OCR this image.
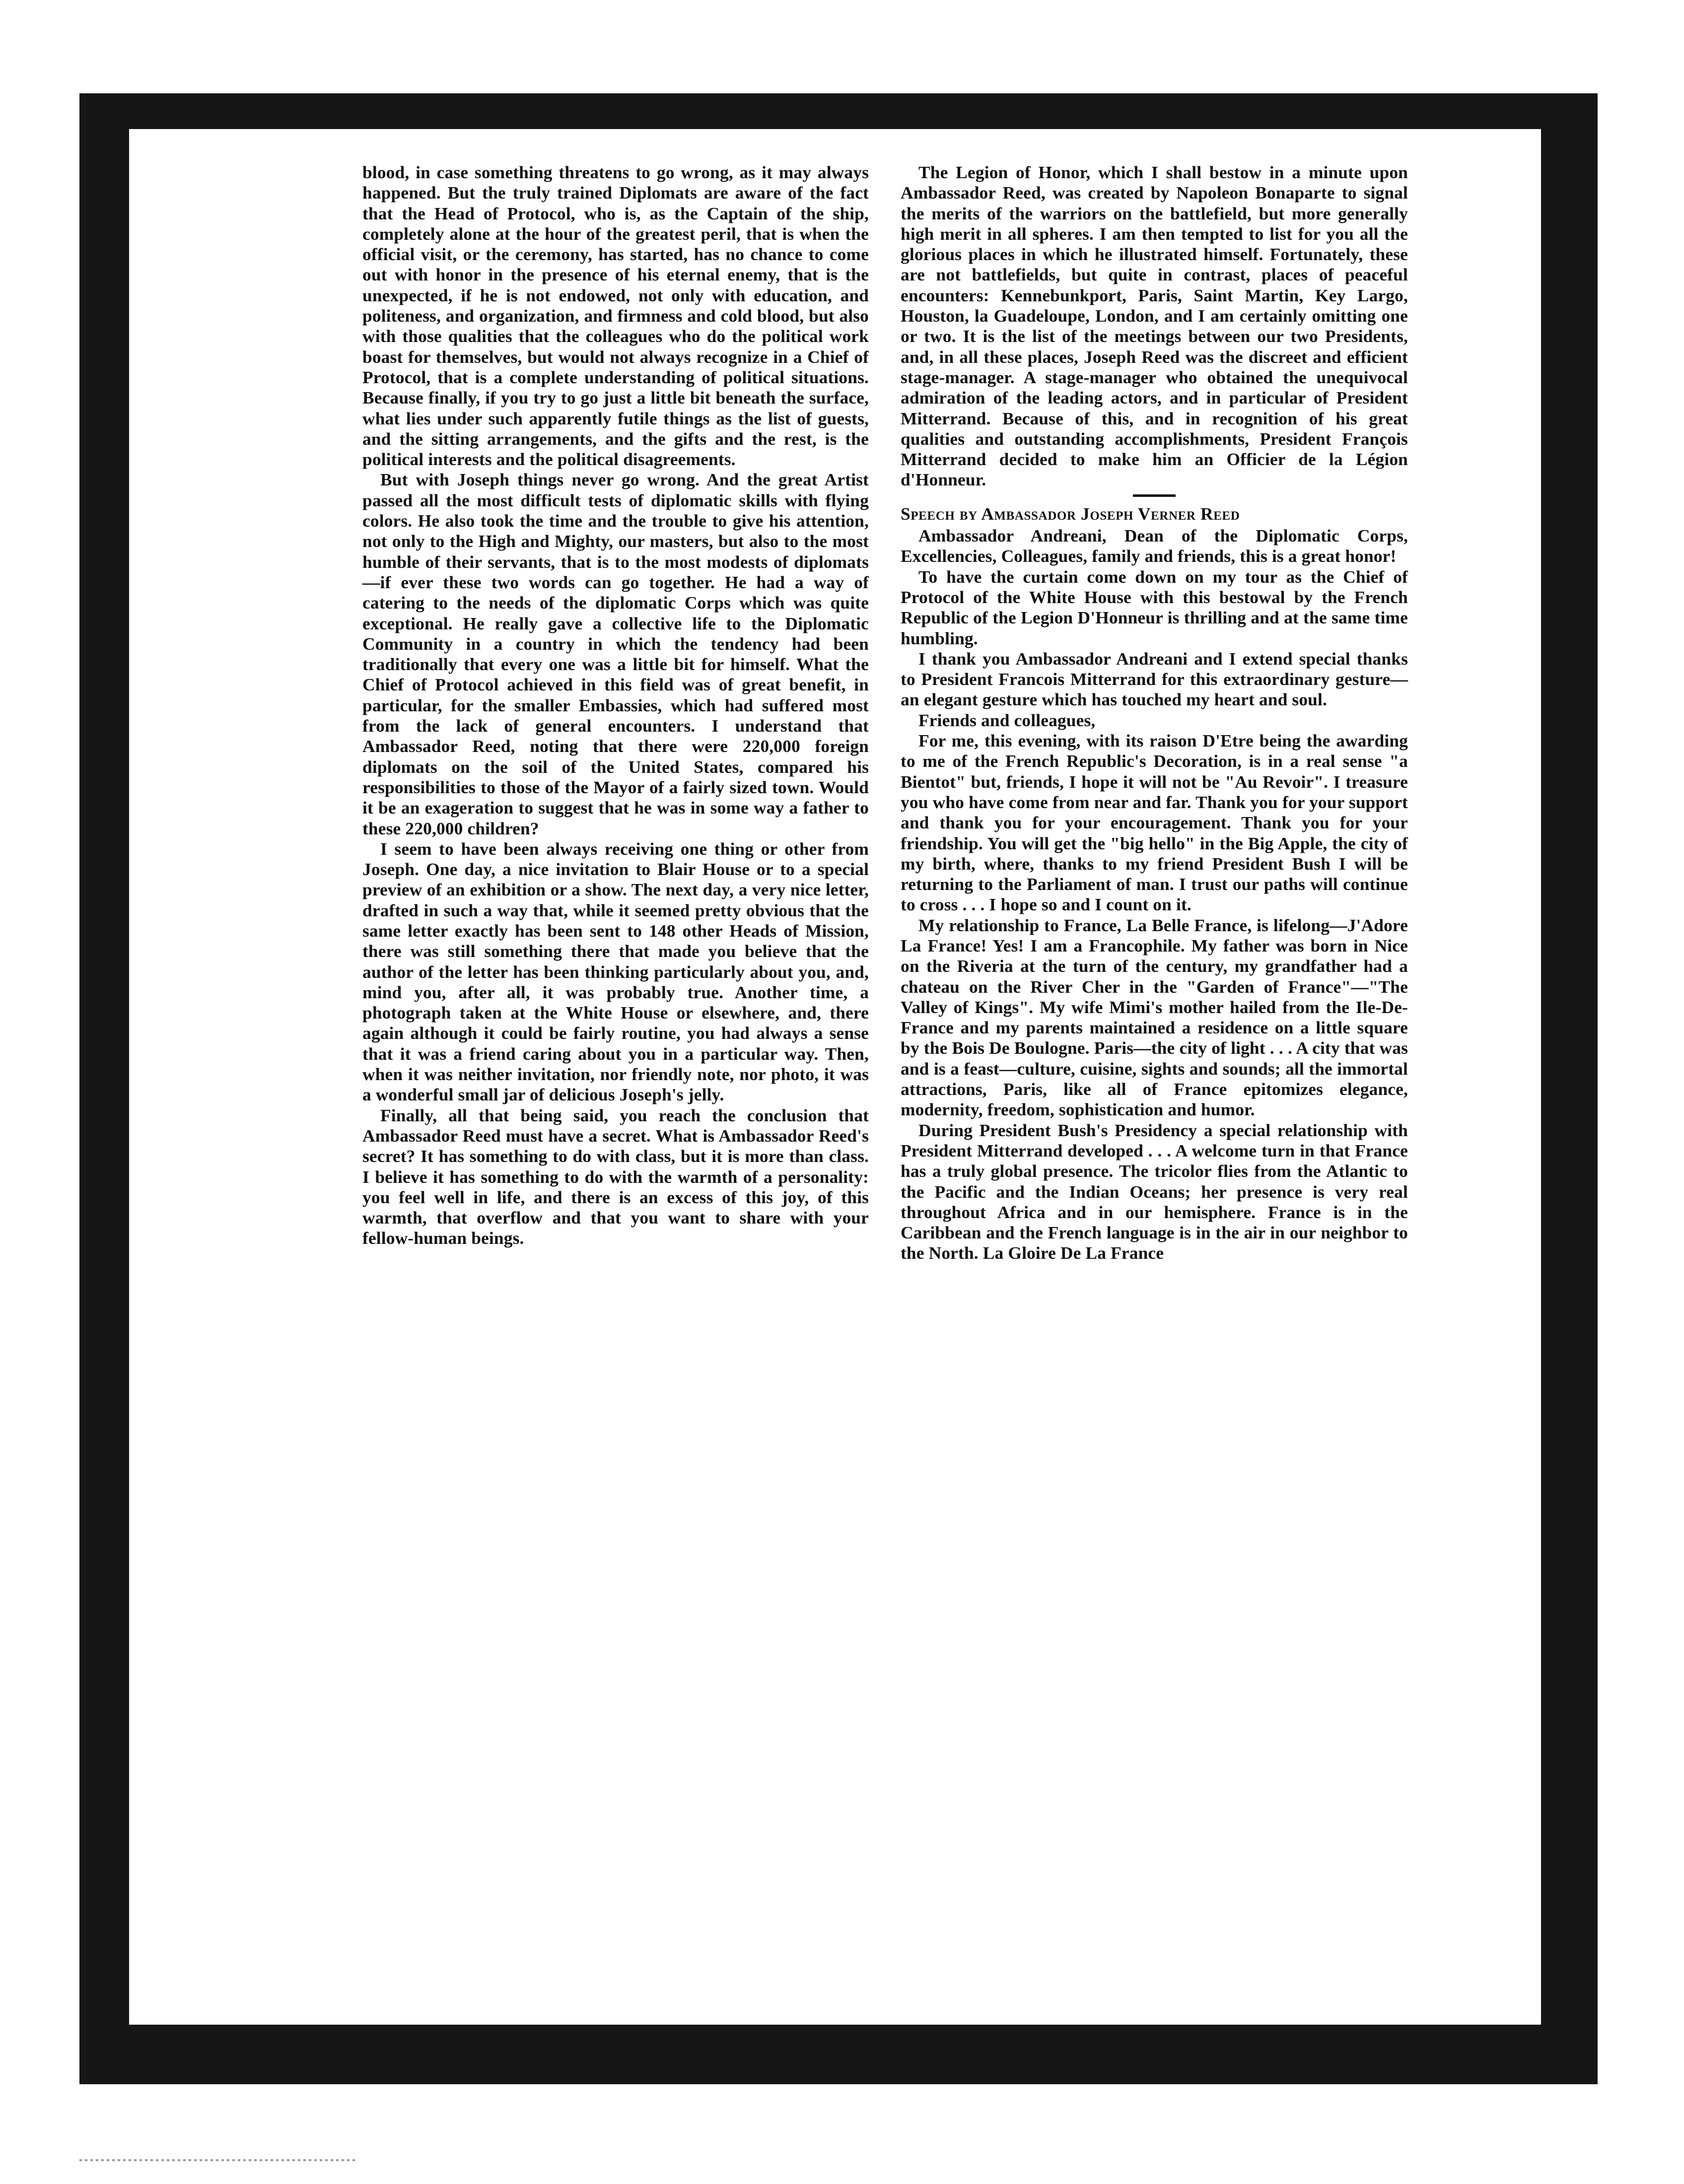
blood, in case something threatens to go wrong, as it may always happened. But the truly trained Diplomats are aware of the fact that the Head of Protocol, who is, as the Captain of the ship, completely alone at the hour of the greatest peril, that is when the official visit, or the ceremony, has started, has no chance to come out with honor in the presence of his eternal enemy, that is the unexpected, if he is not endowed, not only with education, and politeness, and organization, and firmness and cold blood, but also with those qualities that the colleagues who do the political work boast for themselves, but would not always recognize in a Chief of Protocol, that is a complete understanding of political situations. Because finally, if you try to go just a little bit beneath the surface, what lies under such apparently futile things as the list of guests, and the sitting arrangements, and the gifts and the rest, is the political interests and the political disagreements.

But with Joseph things never go wrong. And the great Artist passed all the most difficult tests of diplomatic skills with flying colors. He also took the time and the trouble to give his attention, not only to the High and Mighty, our masters, but also to the most humble of their servants, that is to the most modests of diplomats—if ever these two words can go together. He had a way of catering to the needs of the diplomatic Corps which was quite exceptional. He really gave a collective life to the Diplomatic Community in a country in which the tendency had been traditionally that every one was a little bit for himself. What the Chief of Protocol achieved in this field was of great benefit, in particular, for the smaller Embassies, which had suffered most from the lack of general encounters. I understand that Ambassador Reed, noting that there were 220,000 foreign diplomats on the soil of the United States, compared his responsibilities to those of the Mayor of a fairly sized town. Would it be an exageration to suggest that he was in some way a father to these 220,000 children?

I seem to have been always receiving one thing or other from Joseph. One day, a nice invitation to Blair House or to a special preview of an exhibition or a show. The next day, a very nice letter, drafted in such a way that, while it seemed pretty obvious that the same letter exactly has been sent to 148 other Heads of Mission, there was still something there that made you believe that the author of the letter has been thinking particularly about you, and, mind you, after all, it was probably true. Another time, a photograph taken at the White House or elsewhere, and, there again although it could be fairly routine, you had always a sense that it was a friend caring about you in a particular way. Then, when it was neither invitation, nor friendly note, nor photo, it was a wonderful small jar of delicious Joseph's jelly.

Finally, all that being said, you reach the conclusion that Ambassador Reed must have a secret. What is Ambassador Reed's secret? It has something to do with class, but it is more than class. I believe it has something to do with the warmth of a personality: you feel well in life, and there is an excess of this joy, of this warmth, that overflow and that you want to share with your fellow-human beings.

The Legion of Honor, which I shall bestow in a minute upon Ambassador Reed, was created by Napoleon Bonaparte to signal the merits of the warriors on the battlefield, but more generally high merit in all spheres. I am then tempted to list for you all the glorious places in which he illustrated himself. Fortunately, these are not battlefields, but quite in contrast, places of peaceful encounters: Kennebunkport, Paris, Saint Martin, Key Largo, Houston, la Guadeloupe, London, and I am certainly omitting one or two. It is the list of the meetings between our two Presidents, and, in all these places, Joseph Reed was the discreet and efficient stage-manager. A stage-manager who obtained the unequivocal admiration of the leading actors, and in particular of President Mitterrand. Because of this, and in recognition of his great qualities and outstanding accomplishments, President François Mitterrand decided to make him an Officier de la Légion d'Honneur.

Speech by Ambassador Joseph Verner Reed

Ambassador Andreani, Dean of the Diplomatic Corps, Excellencies, Colleagues, family and friends, this is a great honor!

To have the curtain come down on my tour as the Chief of Protocol of the White House with this bestowal by the French Republic of the Legion D'Honneur is thrilling and at the same time humbling.

I thank you Ambassador Andreani and I extend special thanks to President Francois Mitterrand for this extraordinary gesture—an elegant gesture which has touched my heart and soul.

Friends and colleagues,

For me, this evening, with its raison D'Etre being the awarding to me of the French Republic's Decoration, is in a real sense "a Bientot" but, friends, I hope it will not be "Au Revoir". I treasure you who have come from near and far. Thank you for your support and thank you for your encouragement. Thank you for your friendship. You will get the "big hello" in the Big Apple, the city of my birth, where, thanks to my friend President Bush I will be returning to the Parliament of man. I trust our paths will continue to cross . . . I hope so and I count on it.

My relationship to France, La Belle France, is lifelong—J'Adore La France! Yes! I am a Francophile. My father was born in Nice on the Riveria at the turn of the century, my grandfather had a chateau on the River Cher in the "Garden of France"—"The Valley of Kings". My wife Mimi's mother hailed from the Ile-De-France and my parents maintained a residence on a little square by the Bois De Boulogne. Paris—the city of light . . . A city that was and is a feast—culture, cuisine, sights and sounds; all the immortal attractions, Paris, like all of France epitomizes elegance, modernity, freedom, sophistication and humor.

During President Bush's Presidency a special relationship with President Mitterrand developed . . . A welcome turn in that France has a truly global presence. The tricolor flies from the Atlantic to the Pacific and the Indian Oceans; her presence is very real throughout Africa and in our hemisphere. France is in the Caribbean and the French language is in the air in our neighbor to the North. La Gloire De La France
